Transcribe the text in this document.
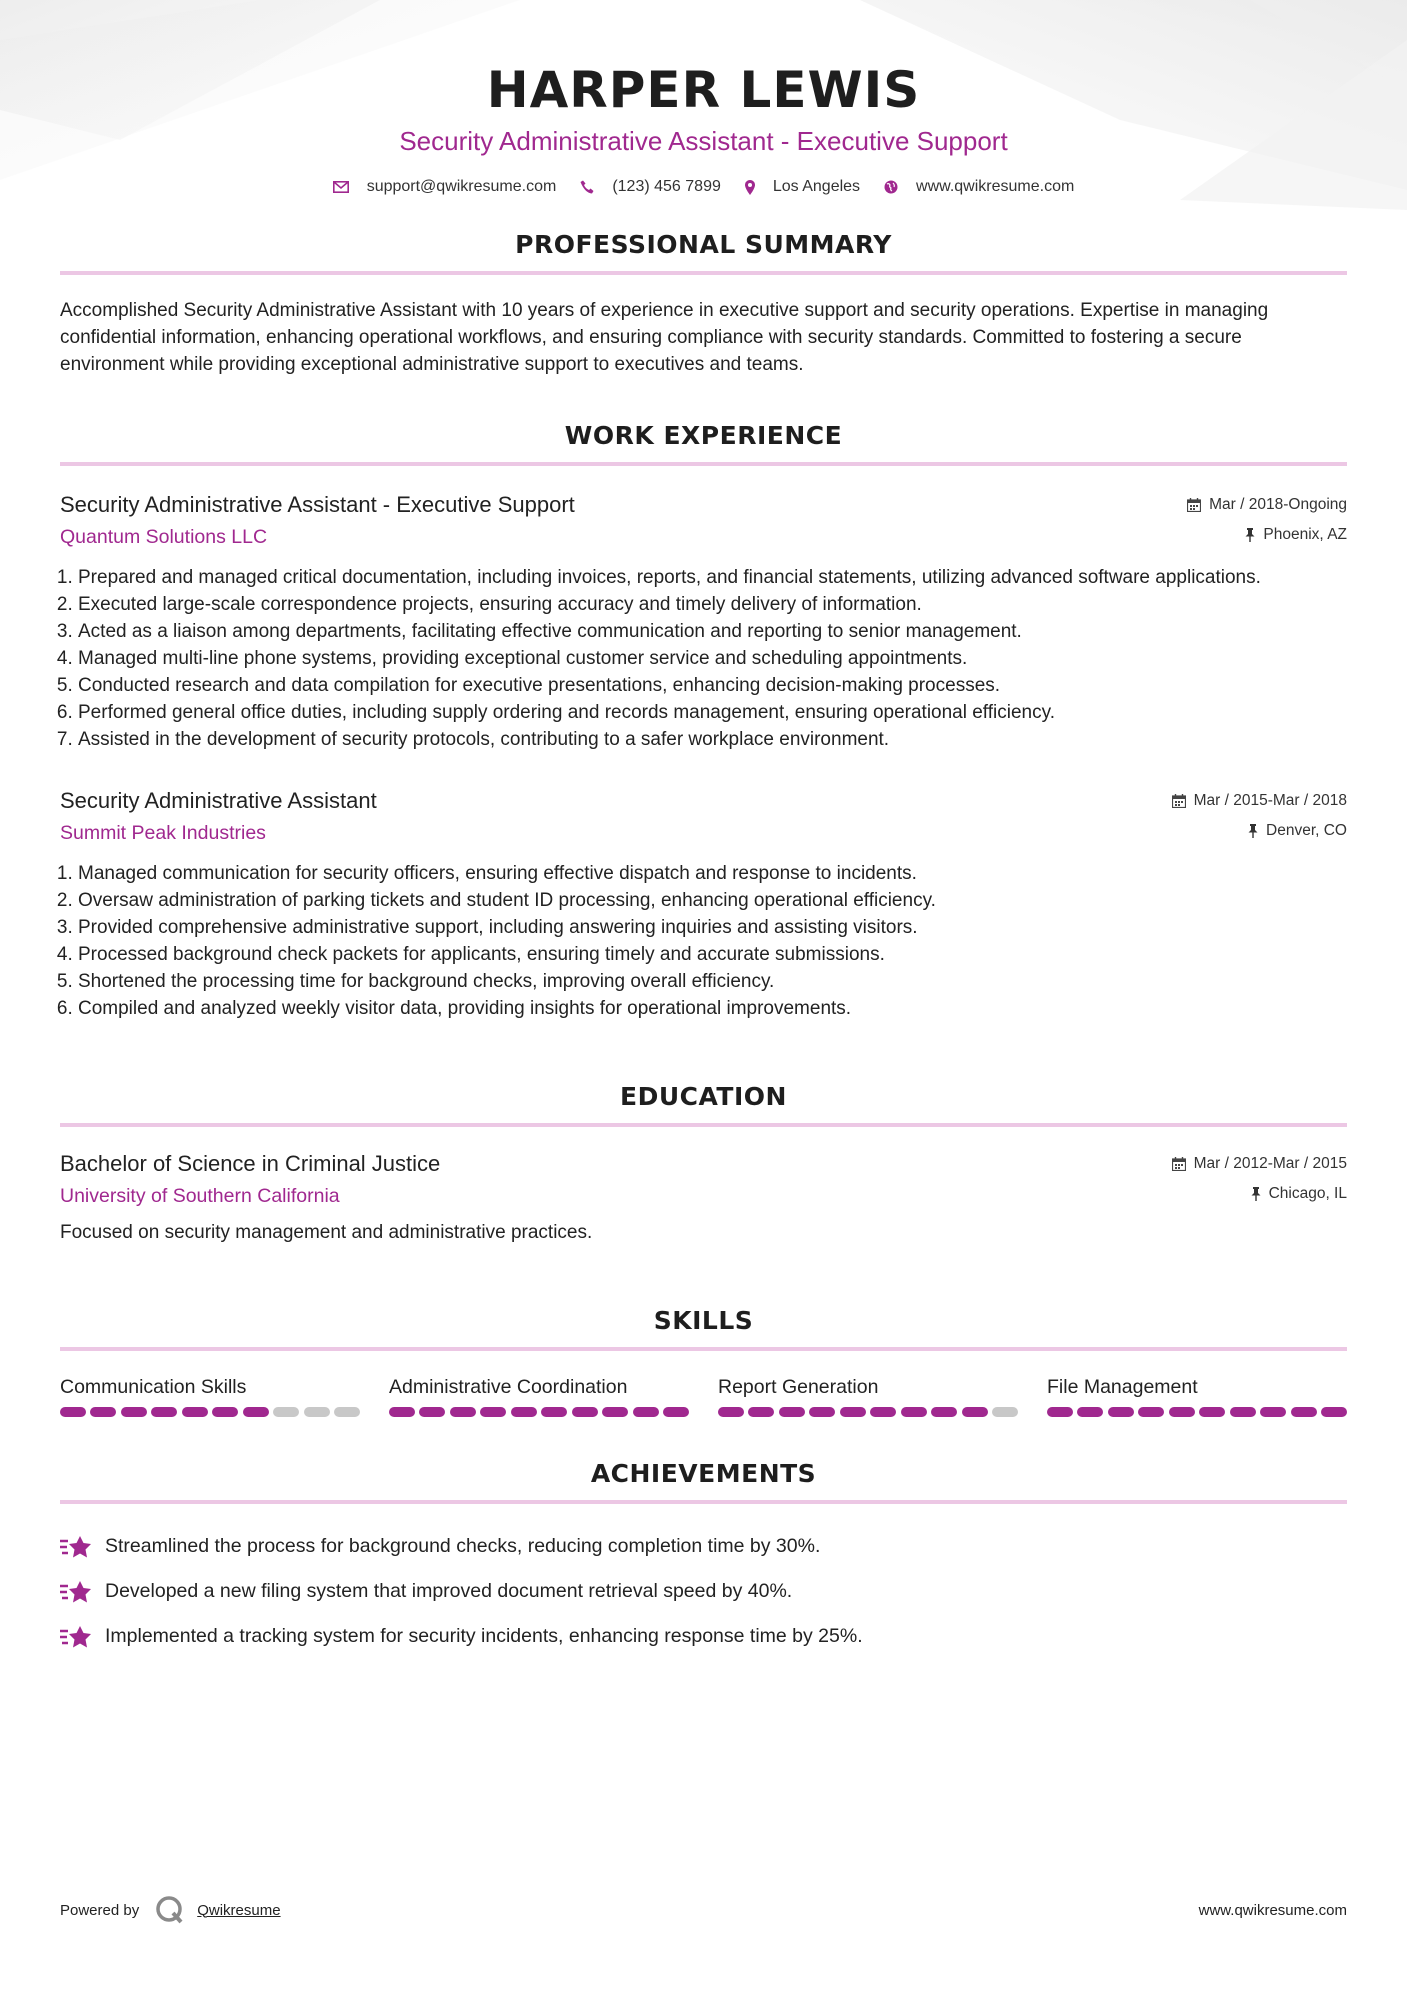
HARPER LEWIS
Security Administrative Assistant - Executive Support
support@qwikresume.com	(123) 456 7899	Los Angeles	www.qwikresume.com
PROFESSIONAL SUMMARY

Accomplished Security Administrative Assistant with 10 years of experience in executive support and security operations. Expertise in managing confidential information, enhancing operational workflows, and ensuring compliance with security standards. Committed to fostering a secure environment while providing exceptional administrative support to executives and teams.

WORK EXPERIENCE
Security Administrative Assistant - Executive Support
Quantum Solutions LLC
Mar / 2018-Ongoing
Phoenix, AZ
1. Prepared and managed critical documentation, including invoices, reports, and financial statements, utilizing advanced software applications.
2. Executed large-scale correspondence projects, ensuring accuracy and timely delivery of information.
3. Acted as a liaison among departments, facilitating effective communication and reporting to senior management.
4. Managed multi-line phone systems, providing exceptional customer service and scheduling appointments.
5. Conducted research and data compilation for executive presentations, enhancing decision-making processes.
6. Performed general office duties, including supply ordering and records management, ensuring operational efficiency.
7. Assisted in the development of security protocols, contributing to a safer workplace environment.
Security Administrative Assistant
Summit Peak Industries
Mar / 2015-Mar / 2018
Denver, CO
1. Managed communication for security officers, ensuring effective dispatch and response to incidents.
2. Oversaw administration of parking tickets and student ID processing, enhancing operational efficiency.
3. Provided comprehensive administrative support, including answering inquiries and assisting visitors.
4. Processed background check packets for applicants, ensuring timely and accurate submissions.
5. Shortened the processing time for background checks, improving overall efficiency.
6. Compiled and analyzed weekly visitor data, providing insights for operational improvements.
EDUCATION
Bachelor of Science in Criminal Justice
University of Southern California
Mar / 2012-Mar / 2015
Chicago, IL

Focused on security management and administrative practices.

SKILLS
Communication Skills	Administrative Coordination	Report Generation	File Management
ACHIEVEMENTS
Streamlined the process for background checks, reducing completion time by 30%.
Developed a new filing system that improved document retrieval speed by 40%.
Implemented a tracking system for security incidents, enhancing response time by 25%.
Powered by	Qwikresume	www.qwikresume.com
